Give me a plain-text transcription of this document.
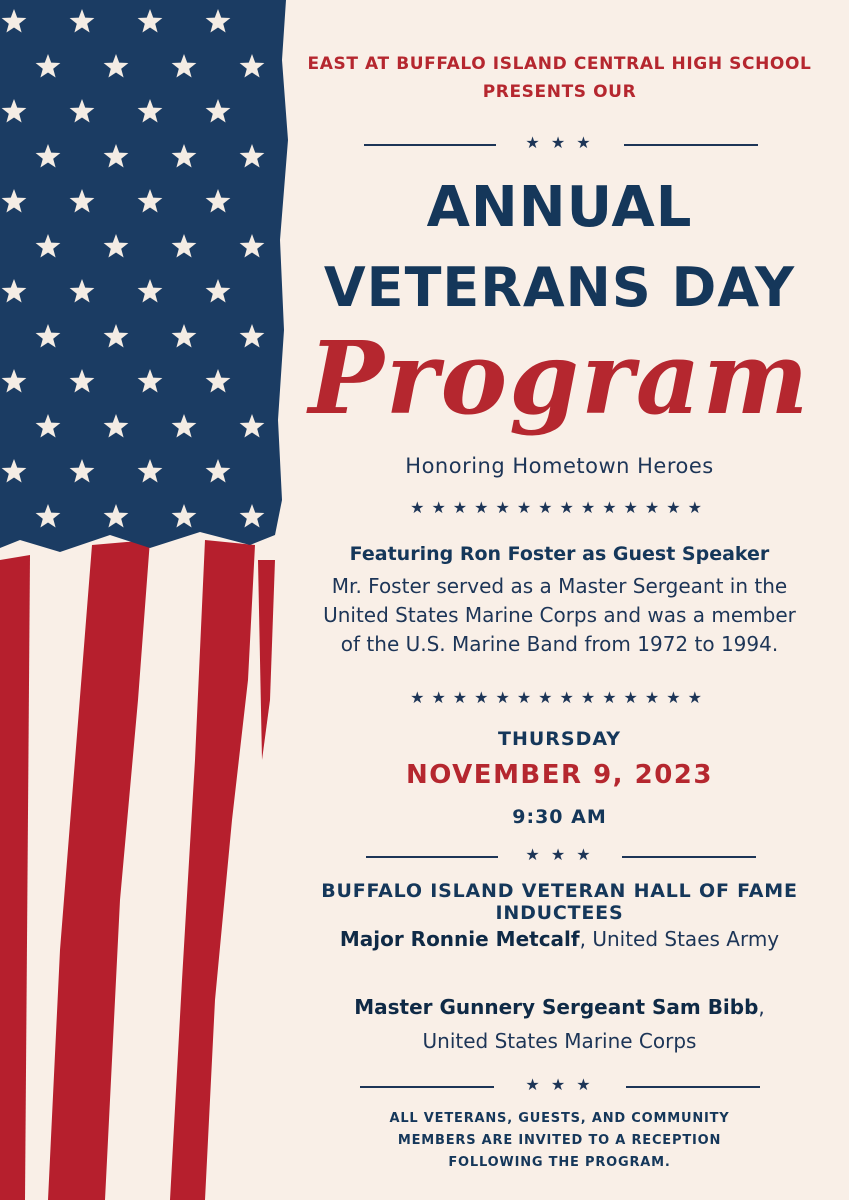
EAST AT BUFFALO ISLAND CENTRAL HIGH SCHOOL
PRESENTS OUR
★ ★ ★
ANNUAL
VETERANS DAY
Program
Honoring Hometown Heroes
★★★★★★★★★★★★★★
Featuring Ron Foster as Guest Speaker
Mr. Foster served as a Master Sergeant in the
United States Marine Corps and was a member
of the U.S. Marine Band from 1972 to 1994.
★★★★★★★★★★★★★★
THURSDAY
NOVEMBER 9, 2023
9:30 AM
★ ★ ★
BUFFALO ISLAND VETERAN HALL OF FAME INDUCTEES
Major Ronnie Metcalf, United Staes Army
Master Gunnery Sergeant Sam Bibb,
United States Marine Corps
★ ★ ★
ALL VETERANS, GUESTS, AND COMMUNITY
MEMBERS ARE INVITED TO A RECEPTION
FOLLOWING THE PROGRAM.
